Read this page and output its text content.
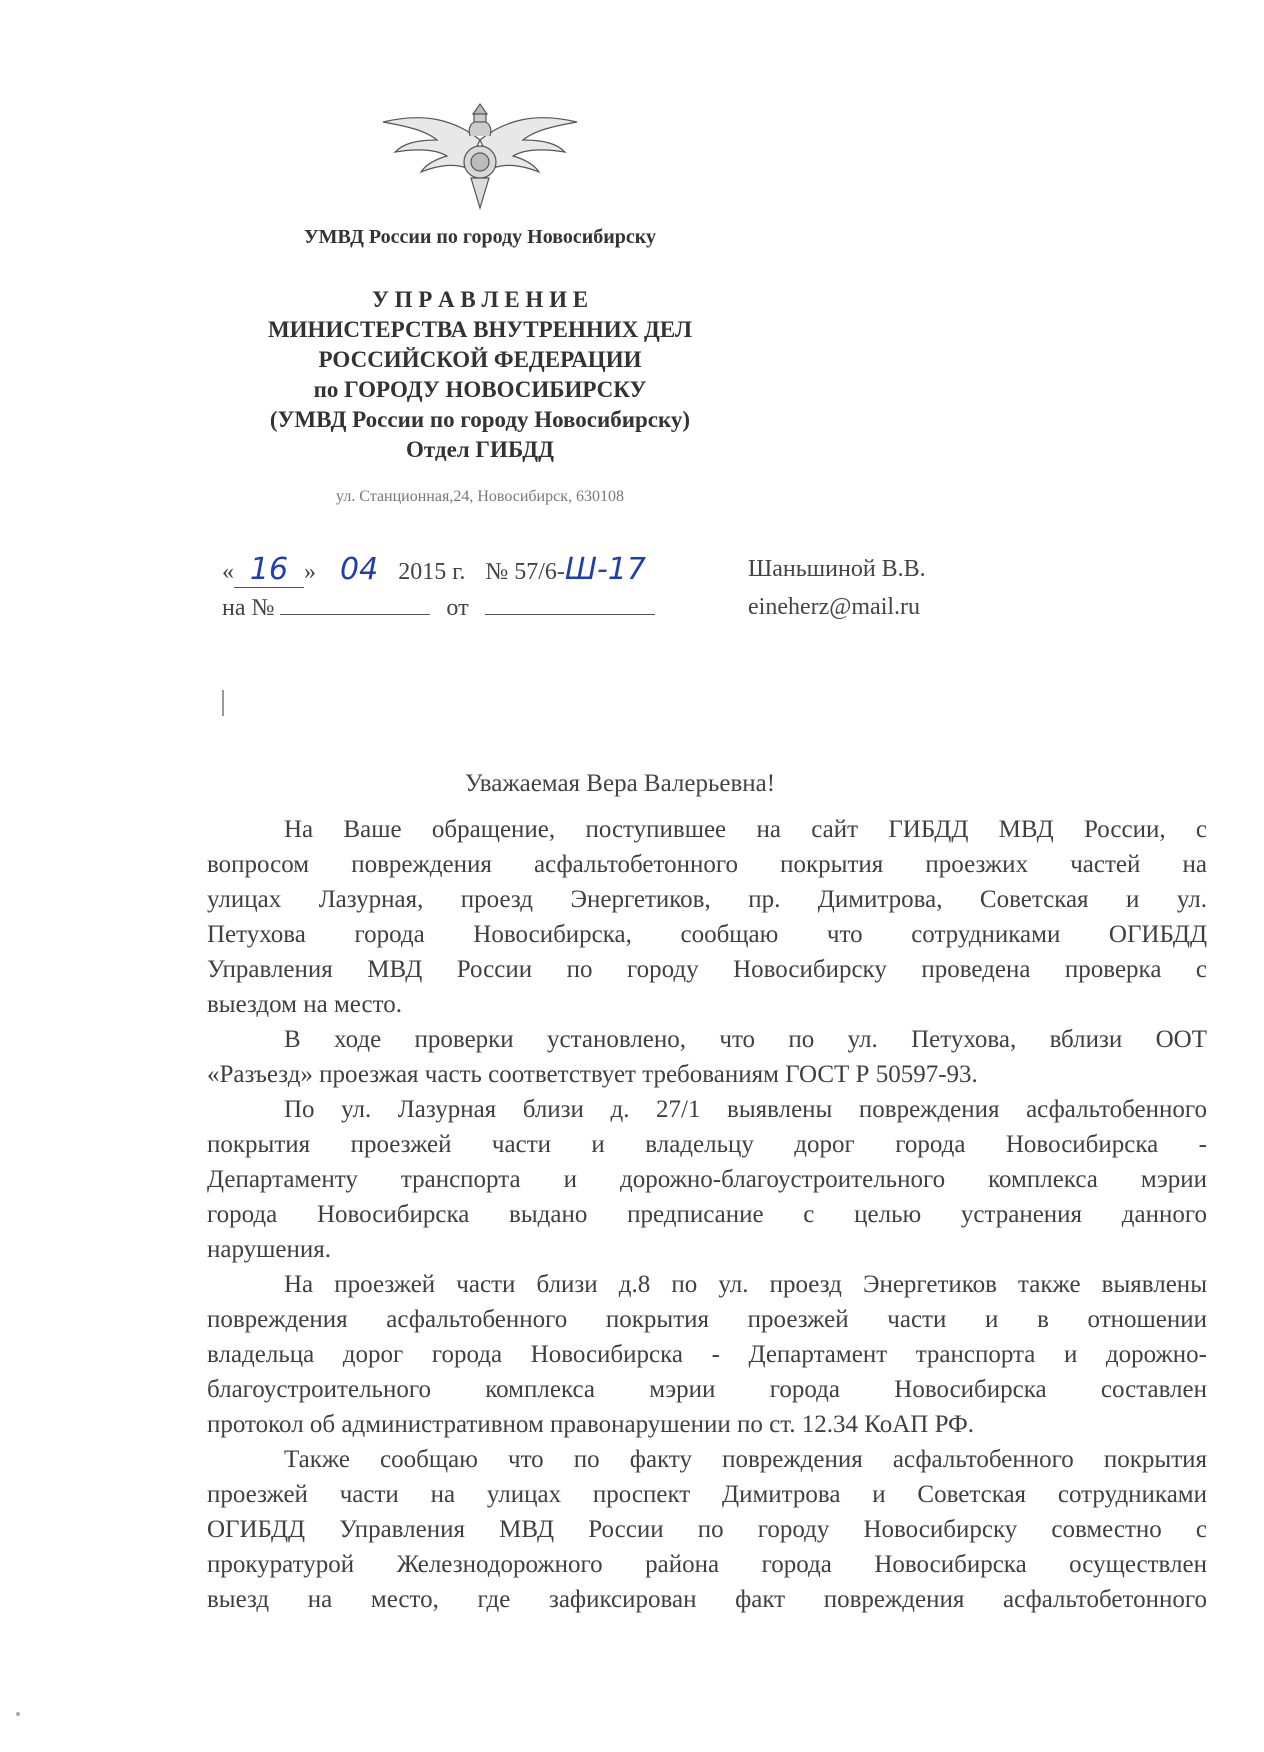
УМВД России по городу Новосибирску
У П Р А В Л Е Н И Е
МИНИСТЕРСТВА ВНУТРЕННИХ ДЕЛ
РОССИЙСКОЙ ФЕДЕРАЦИИ
по ГОРОДУ НОВОСИБИРСКУ
(УМВД России по городу Новосибирску)
Отдел ГИБДД
ул. Станционная,24, Новосибирск, 630108
« 16 » 04 2015 г. № 57/6-Ш-17
на №	от
Шаньшиной В.В.
eineherz@mail.ru
Уважаемая Вера Валерьевна!

На Ваше обращение, поступившее на сайт ГИБДД МВД России, с
вопросом повреждения асфальтобетонного покрытия проезжих частей на
улицах Лазурная, проезд Энергетиков, пр. Димитрова, Советская и ул.
Петухова города Новосибирска, сообщаю что сотрудниками ОГИБДД
Управления МВД России по городу Новосибирску проведена проверка с
выездом на место.

В ходе проверки установлено, что по ул. Петухова, вблизи ООТ
«Разъезд» проезжая часть соответствует требованиям ГОСТ Р 50597-93.

По ул. Лазурная близи д. 27/1 выявлены повреждения асфальтобенного
покрытия проезжей части и владельцу дорог города Новосибирска -
Департаменту транспорта и дорожно-благоустроительного комплекса мэрии
города Новосибирска выдано предписание с целью устранения данного
нарушения.

На проезжей части близи д.8 по ул. проезд Энергетиков также выявлены
повреждения асфальтобенного покрытия проезжей части и в отношении
владельца дорог города Новосибирска - Департамент транспорта и дорожно-
благоустроительного комплекса мэрии города Новосибирска составлен
протокол об административном правонарушении по ст. 12.34 КоАП РФ.

Также сообщаю что по факту повреждения асфальтобенного покрытия
проезжей части на улицах проспект Димитрова и Советская сотрудниками
ОГИБДД Управления МВД России по городу Новосибирску совместно с
прокуратурой Железнодорожного района города Новосибирска осуществлен
выезд на место, где зафиксирован факт повреждения асфальтобетонного
